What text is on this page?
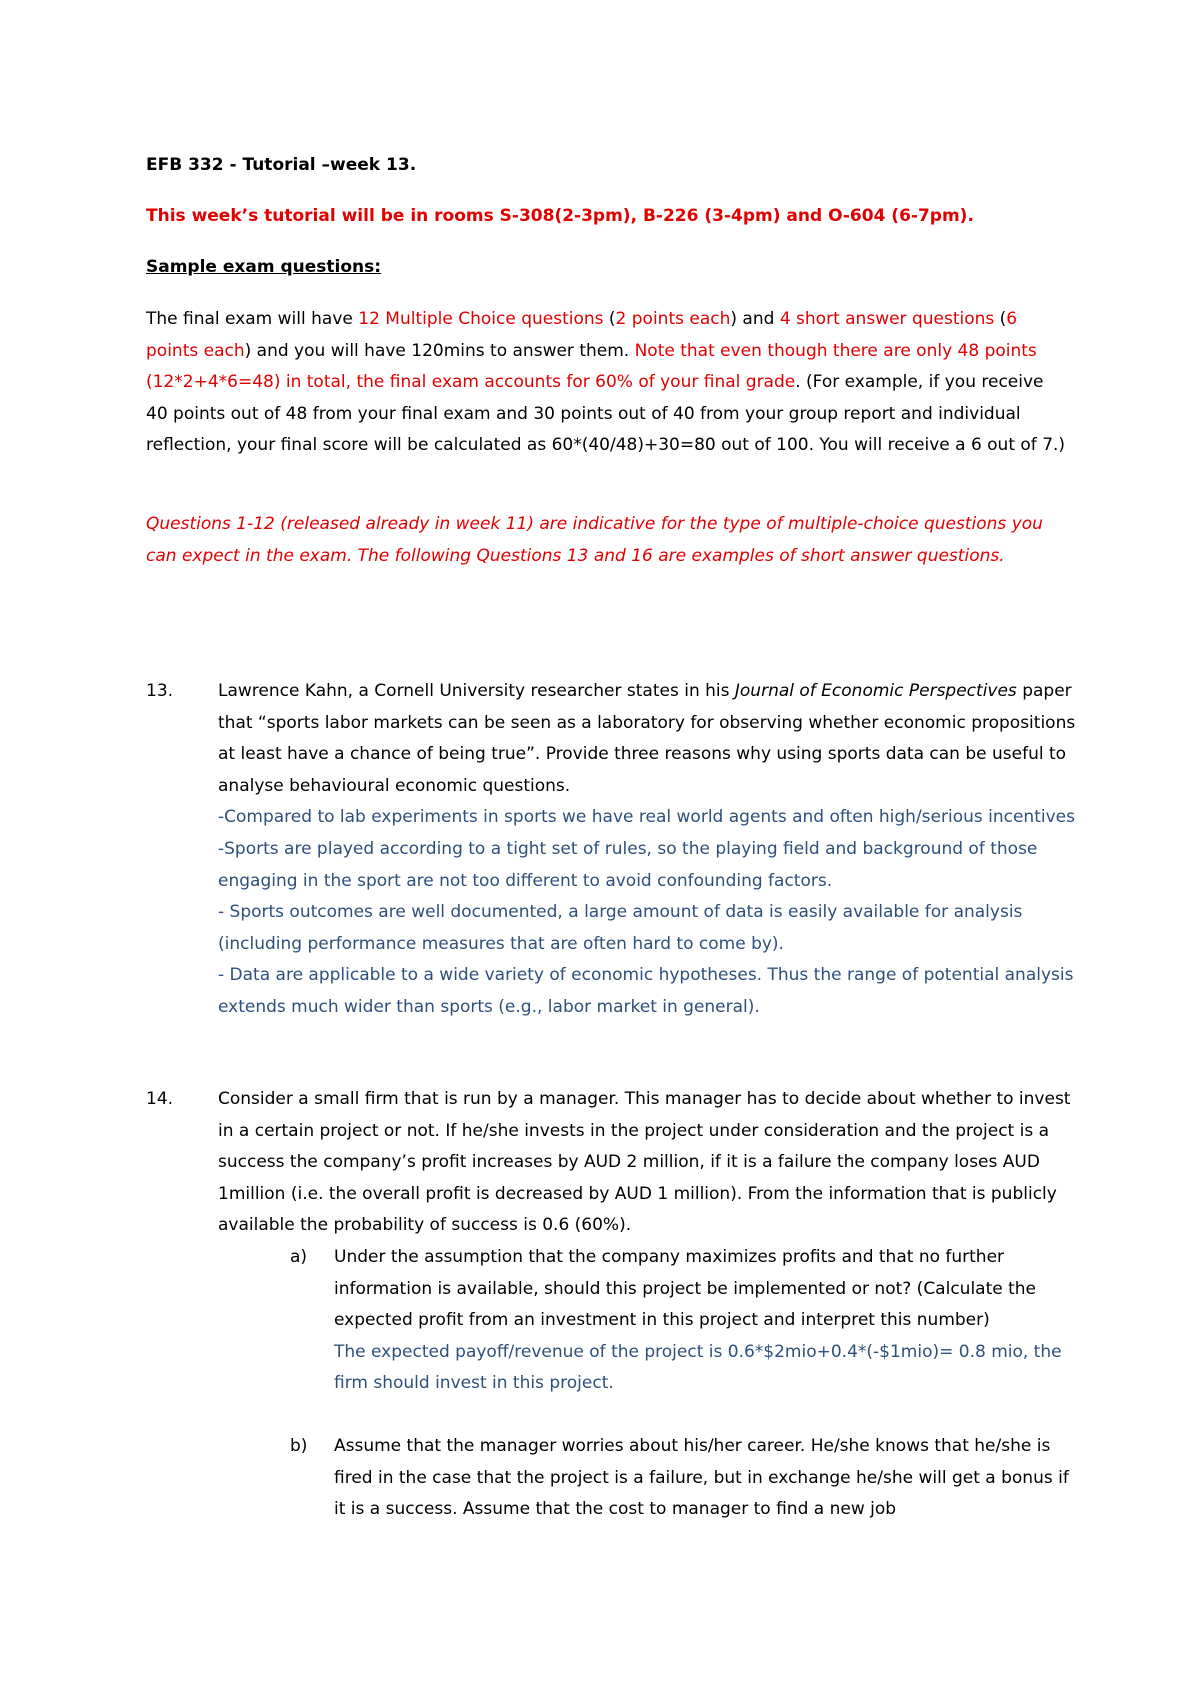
EFB 332 - Tutorial –week 13.

This week’s tutorial will be in rooms S-308(2-3pm), B-226 (3-4pm) and O-604 (6-7pm).

Sample exam questions:

The final exam will have 12 Multiple Choice questions (2 points each) and 4 short answer questions (6 points each) and you will have 120mins to answer them. Note that even though there are only 48 points (12*2+4*6=48) in total, the final exam accounts for 60% of your final grade. (For example, if you receive 40 points out of 48 from your final exam and 30 points out of 40 from your group report and individual reflection, your final score will be calculated as 60*(40/48)+30=80 out of 100. You will receive a 6 out of 7.)

Questions 1-12 (released already in week 11) are indicative for the type of multiple-choice questions you can expect in the exam. The following Questions 13 and 16 are examples of short answer questions.

13.	Lawrence Kahn, a Cornell University researcher states in his Journal of Economic Perspectives paper that “sports labor markets can be seen as a laboratory for observing whether economic propositions at least have a chance of being true”. Provide three reasons why using sports data can be useful to analyse behavioural economic questions.
-Compared to lab experiments in sports we have real world agents and often high/serious incentives
-Sports are played according to a tight set of rules, so the playing field and background of those engaging in the sport are not too different to avoid confounding factors.
- Sports outcomes are well documented, a large amount of data is easily available for analysis (including performance measures that are often hard to come by).
- Data are applicable to a wide variety of economic hypotheses. Thus the range of potential analysis extends much wider than sports (e.g., labor market in general).
14.	Consider a small firm that is run by a manager. This manager has to decide about whether to invest in a certain project or not. If he/she invests in the project under consideration and the project is a success the company’s profit increases by AUD 2 million, if it is a failure the company loses AUD 1million (i.e. the overall profit is decreased by AUD 1 million). From the information that is publicly available the probability of success is 0.6 (60%).
a)	Under the assumption that the company maximizes profits and that no further information is available, should this project be implemented or not? (Calculate the expected profit from an investment in this project and interpret this number)
The expected payoff/revenue of the project is 0.6*$2mio+0.4*(-$1mio)= 0.8 mio, the firm should invest in this project.
b)	Assume that the manager worries about his/her career. He/she knows that he/she is fired in the case that the project is a failure, but in exchange he/she will get a bonus if it is a success. Assume that the cost to manager to find a new job
